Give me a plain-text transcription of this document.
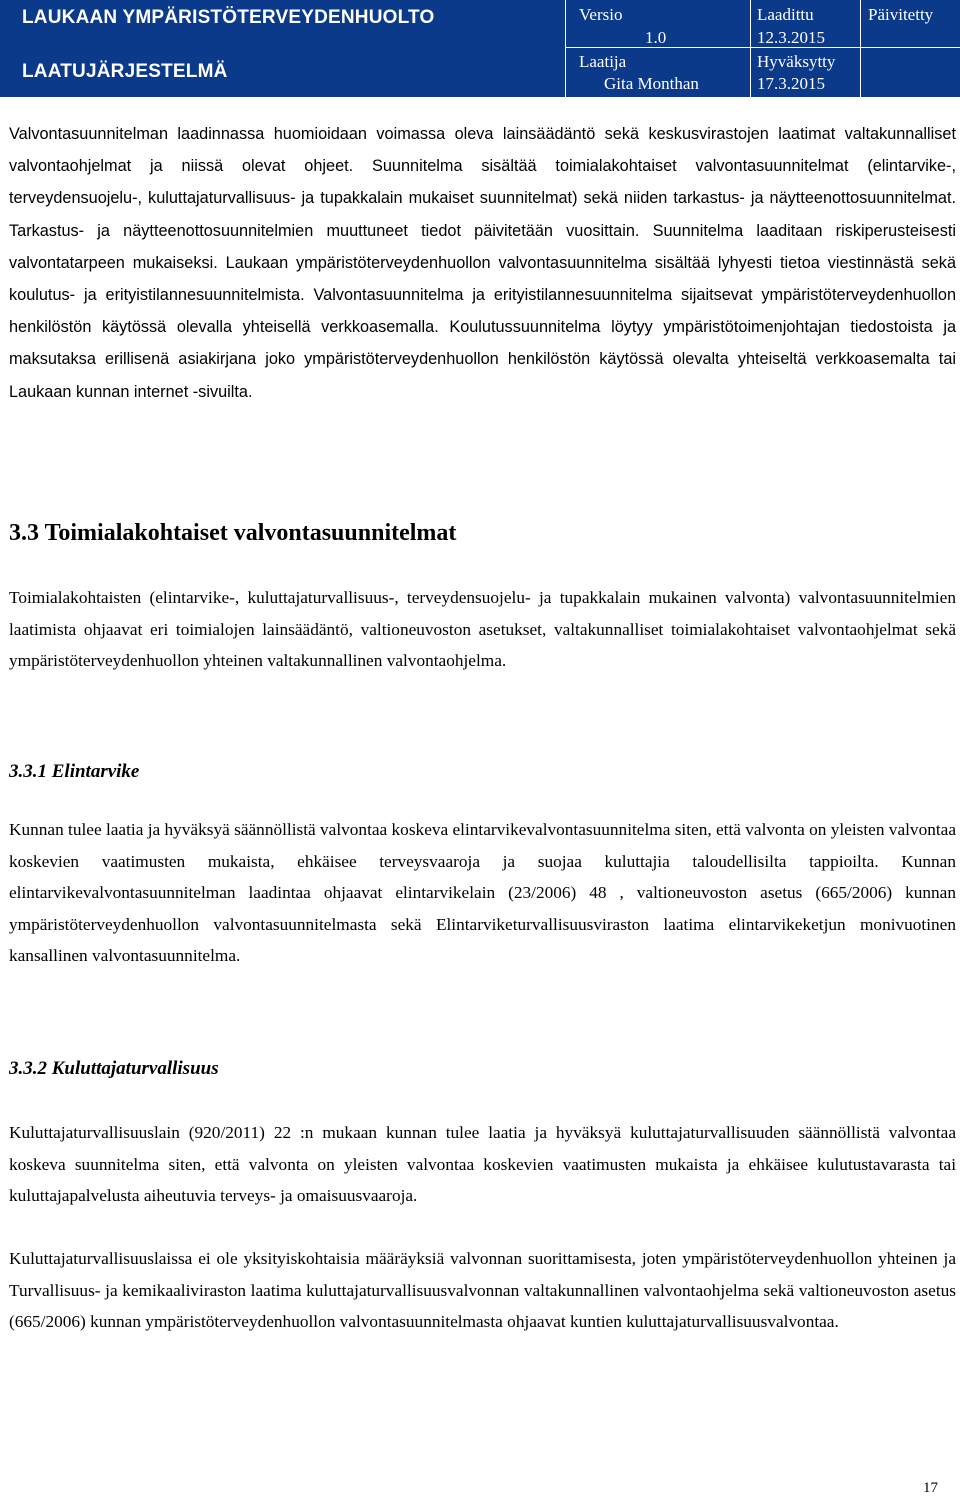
LAUKAAN YMPÄRISTÖTERVEYDENHUOLTO
LAATUJÄRJESTELMÄ
Versio
1.0
Laadittu
12.3.2015
Päivitetty
Laatija
Gita Monthan
Hyväksytty
17.3.2015

Valvontasuunnitelman laadinnassa huomioidaan voimassa oleva lainsäädäntö sekä keskusvirastojen laatimat valtakunnalliset valvontaohjelmat ja niissä olevat ohjeet. Suunnitelma sisältää toimialakohtaiset valvontasuunnitelmat (elintarvike-, terveydensuojelu-, kuluttajaturvallisuus- ja tupakkalain mukaiset suunnitelmat) sekä niiden tarkastus- ja näytteenottosuunnitelmat. Tarkastus- ja näytteenottosuunnitelmien muuttuneet tiedot päivitetään vuosittain. Suunnitelma laaditaan riskiperusteisesti valvontatarpeen mukaiseksi. Laukaan ympäristöterveydenhuollon valvontasuunnitelma sisältää lyhyesti tietoa viestinnästä sekä koulutus- ja erityistilannesuunnitelmista. Valvontasuunnitelma ja erityistilannesuunnitelma sijaitsevat ympäristöterveydenhuollon henkilöstön käytössä olevalla yhteisellä verkkoasemalla. Koulutussuunnitelma löytyy ympäristötoimenjohtajan tiedostoista ja maksutaksa erillisenä asiakirjana joko ympäristöterveydenhuollon henkilöstön käytössä olevalta yhteiseltä verkkoasemalta tai Laukaan kunnan internet -sivuilta.

3.3 Toimialakohtaiset valvontasuunnitelmat

Toimialakohtaisten (elintarvike-, kuluttajaturvallisuus-, terveydensuojelu- ja tupakkalain mukainen valvonta) valvontasuunnitelmien laatimista ohjaavat eri toimialojen lainsäädäntö, valtioneuvoston asetukset, valtakunnalliset toimialakohtaiset valvontaohjelmat sekä ympäristöterveydenhuollon yhteinen valtakunnallinen valvontaohjelma.

3.3.1 Elintarvike

Kunnan tulee laatia ja hyväksyä säännöllistä valvontaa koskeva elintarvikevalvontasuunnitelma siten, että valvonta on yleisten valvontaa koskevien vaatimusten mukaista, ehkäisee terveysvaaroja ja suojaa kuluttajia taloudellisilta tappioilta. Kunnan elintarvikevalvontasuunnitelman laadintaa ohjaavat elintarvikelain (23/2006) 48 , valtioneuvoston asetus (665/2006) kunnan ympäristöterveydenhuollon valvontasuunnitelmasta sekä Elintarviketurvallisuusviraston laatima elintarvikeketjun monivuotinen kansallinen valvontasuunnitelma.

3.3.2 Kuluttajaturvallisuus

Kuluttajaturvallisuuslain (920/2011) 22 :n mukaan kunnan tulee laatia ja hyväksyä kuluttajaturvallisuuden säännöllistä valvontaa koskeva suunnitelma siten, että valvonta on yleisten valvontaa koskevien vaatimusten mukaista ja ehkäisee kulutustavarasta tai kuluttajapalvelusta aiheutuvia terveys- ja omaisuusvaaroja.

Kuluttajaturvallisuuslaissa ei ole yksityiskohtaisia määräyksiä valvonnan suorittamisesta, joten ympäristöterveydenhuollon yhteinen ja Turvallisuus- ja kemikaaliviraston laatima kuluttajaturvallisuusvalvonnan valtakunnallinen valvontaohjelma sekä valtioneuvoston asetus (665/2006) kunnan ympäristöterveydenhuollon valvontasuunnitelmasta ohjaavat kuntien kuluttajaturvallisuusvalvontaa.

17
